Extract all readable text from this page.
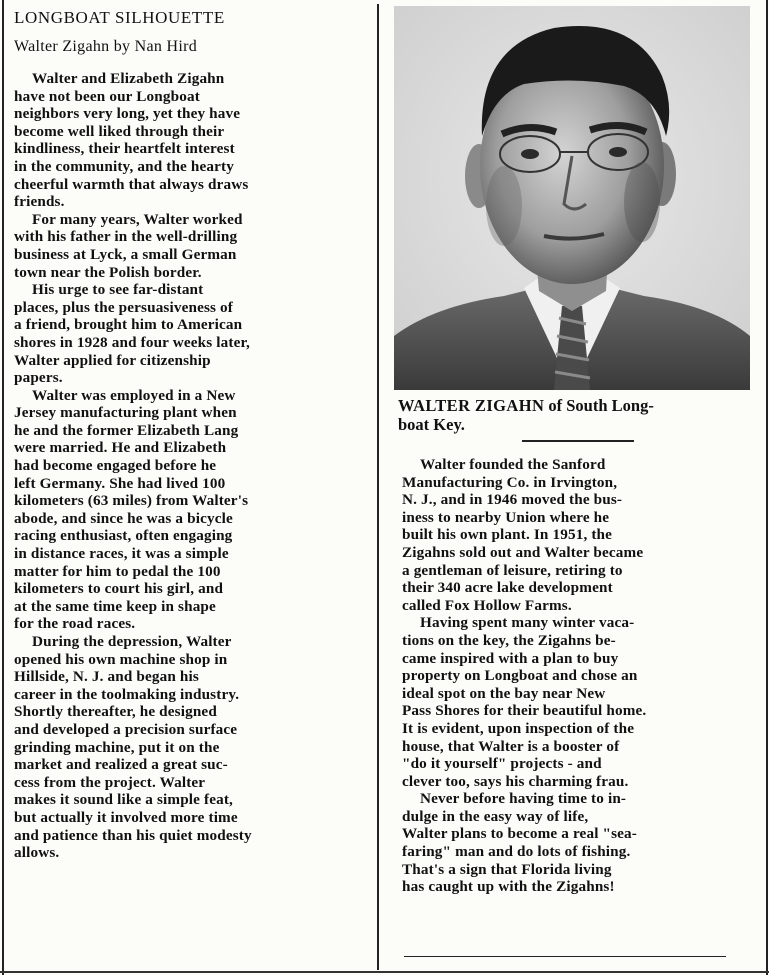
LONGBOAT SILHOUETTE
Walter Zigahn by Nan Hird
Walter and Elizabeth Zigahn
have not been our Longboat
neighbors very long, yet they have
become well liked through their
kindliness, their heartfelt interest
in the community, and the hearty
cheerful warmth that always draws
friends.
For many years, Walter worked
with his father in the well-drilling
business at Lyck, a small German
town near the Polish border.
His urge to see far-distant
places, plus the persuasiveness of
a friend, brought him to American
shores in 1928 and four weeks later,
Walter applied for citizenship
papers.
Walter was employed in a New
Jersey manufacturing plant when
he and the former Elizabeth Lang
were married. He and Elizabeth
had become engaged before he
left Germany. She had lived 100
kilometers (63 miles) from Walter's
abode, and since he was a bicycle
racing enthusiast, often engaging
in distance races, it was a simple
matter for him to pedal the 100
kilometers to court his girl, and
at the same time keep in shape
for the road races.
During the depression, Walter
opened his own machine shop in
Hillside, N. J. and began his
career in the toolmaking industry.
Shortly thereafter, he designed
and developed a precision surface
grinding machine, put it on the
market and realized a great suc-
cess from the project. Walter
makes it sound like a simple feat,
but actually it involved more time
and patience than his quiet modesty
allows.
WALTER ZIGAHN of South Long-
boat Key.
Walter founded the Sanford
Manufacturing Co. in Irvington,
N. J., and in 1946 moved the bus-
iness to nearby Union where he
built his own plant. In 1951, the
Zigahns sold out and Walter became
a gentleman of leisure, retiring to
their 340 acre lake development
called Fox Hollow Farms.
Having spent many winter vaca-
tions on the key, the Zigahns be-
came inspired with a plan to buy
property on Longboat and chose an
ideal spot on the bay near New
Pass Shores for their beautiful home.
It is evident, upon inspection of the
house, that Walter is a booster of
"do it yourself" projects - and
clever too, says his charming frau.
Never before having time to in-
dulge in the easy way of life,
Walter plans to become a real "sea-
faring" man and do lots of fishing.
That's a sign that Florida living
has caught up with the Zigahns!
